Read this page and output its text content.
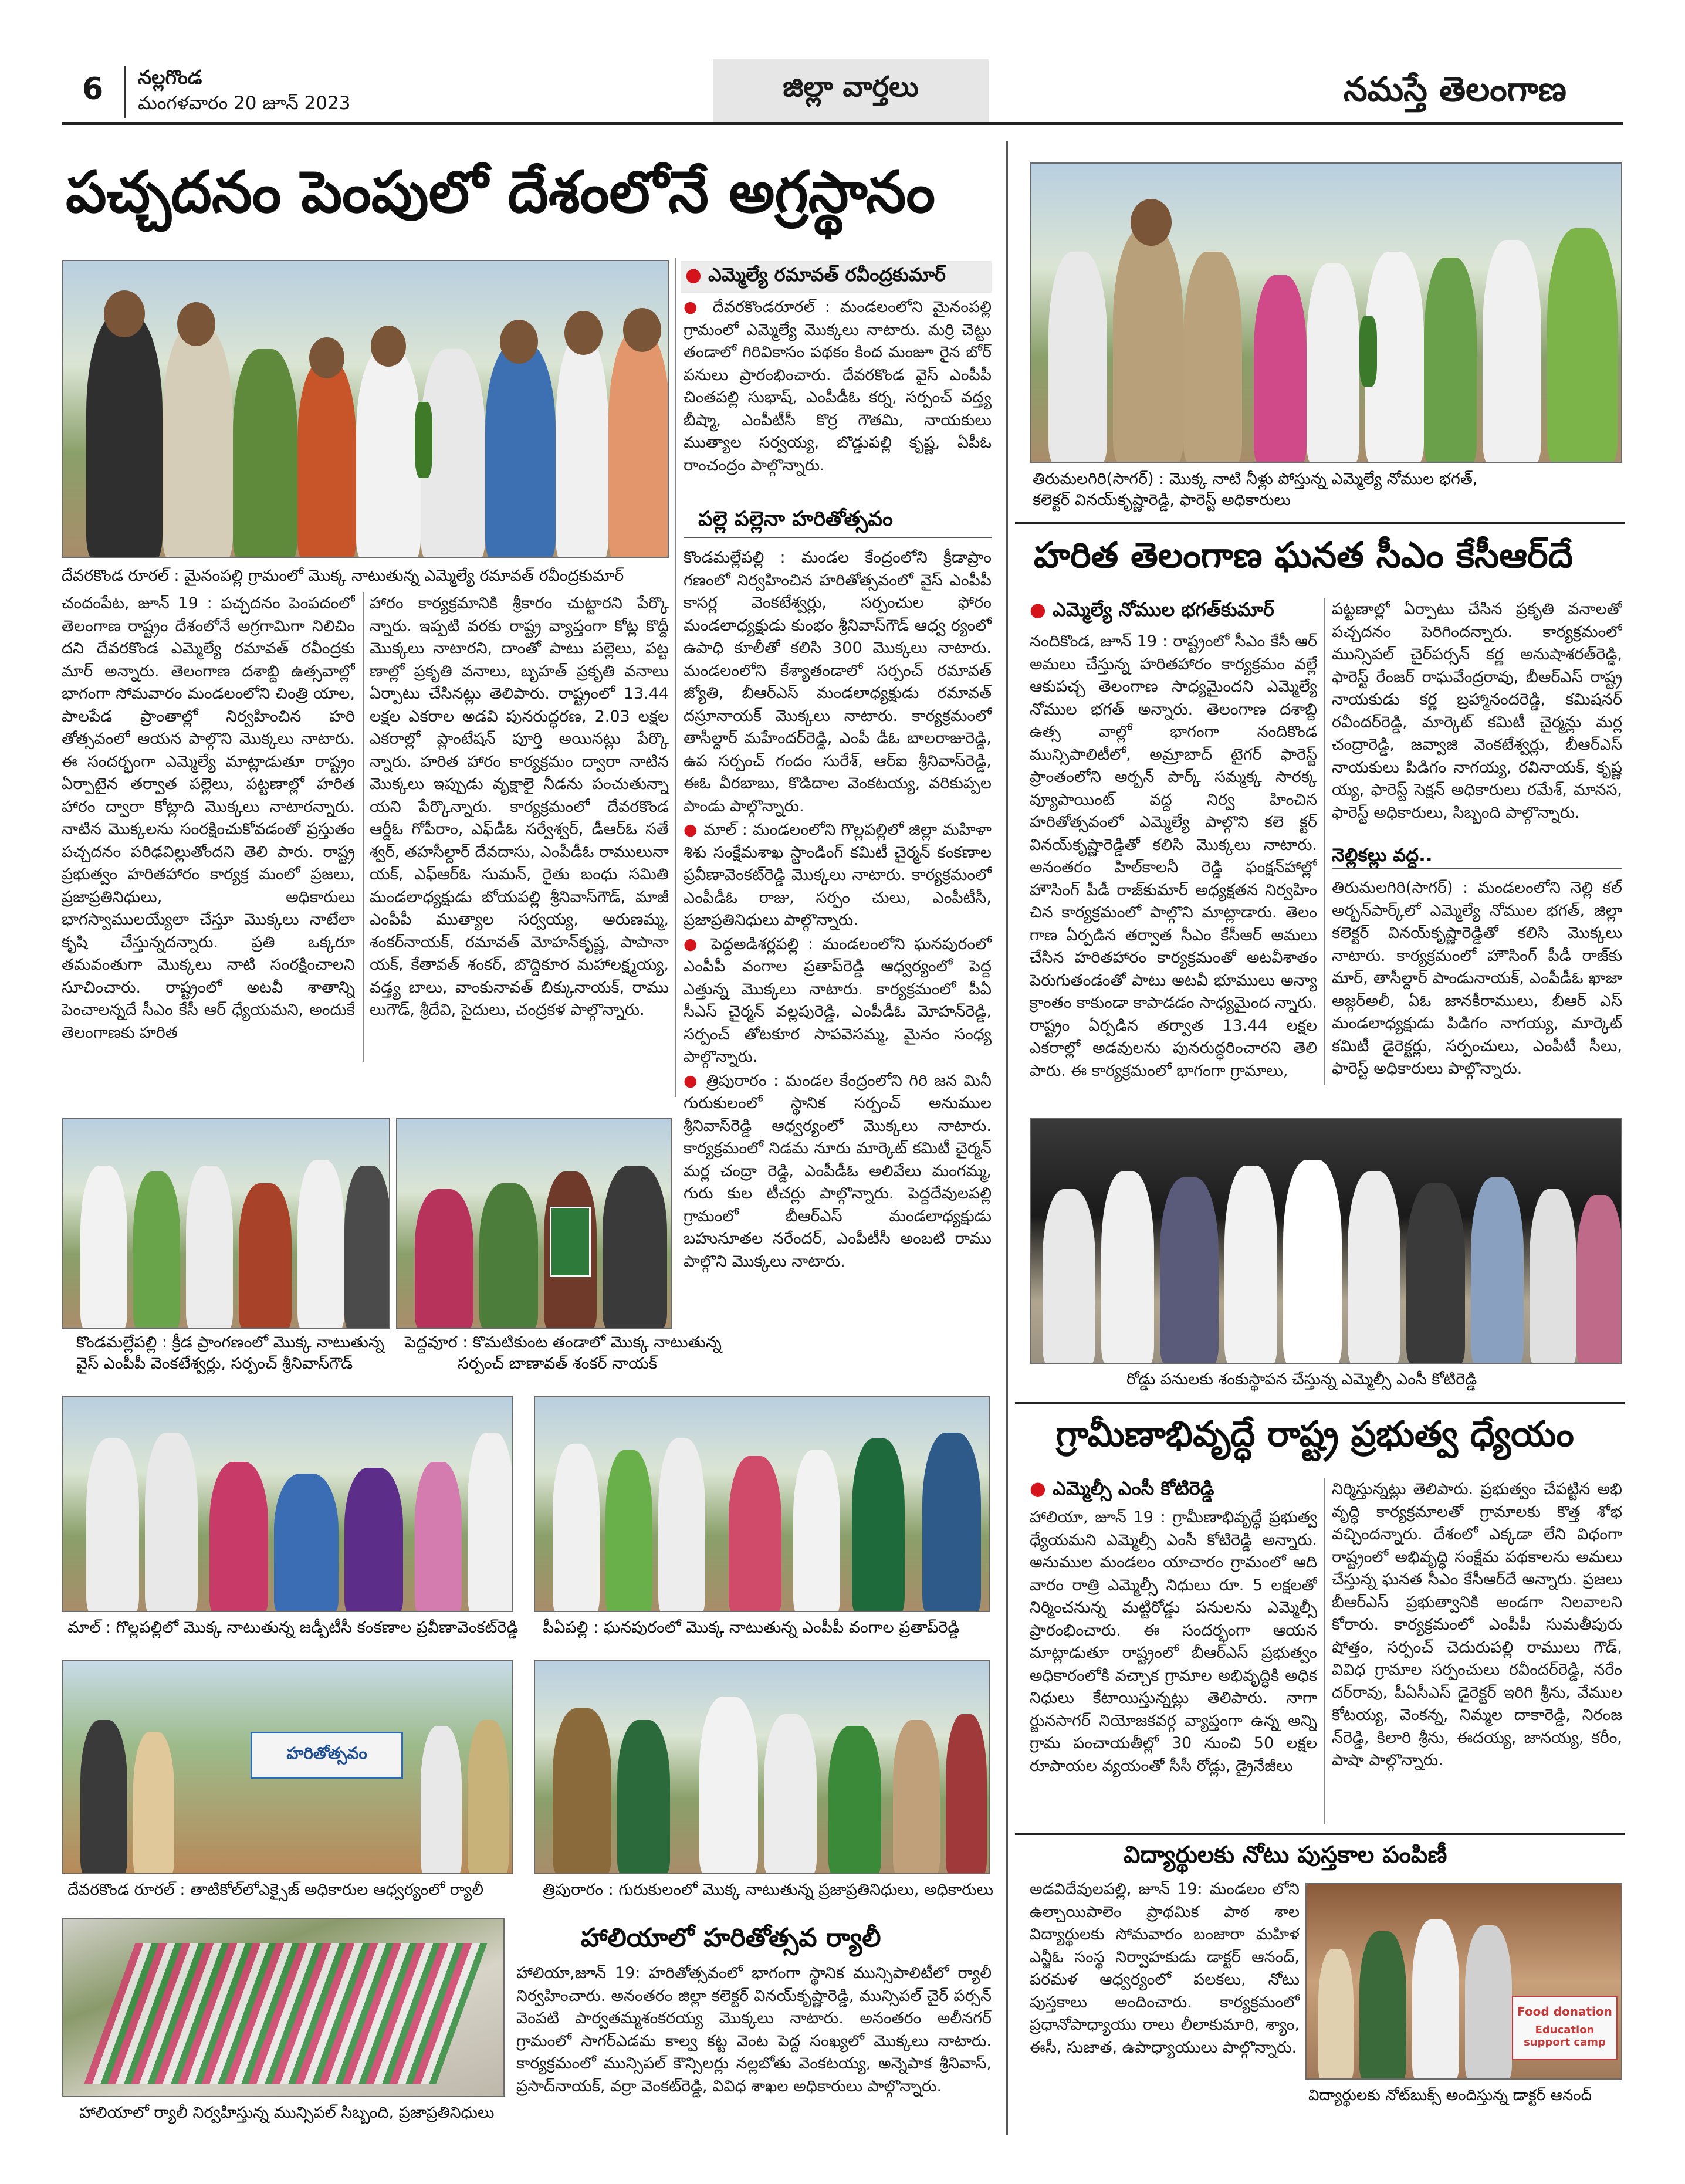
6 నల్లగొండ
మంగళవారం 20 జూన్ 2023	జిల్లా వార్తలు	నమస్తే తెలంగాణ
పచ్చదనం పెంపులో దేశంలోనే అగ్రస్థానం
దేవరకొండ రూరల్‌ : మైనంపల్లి గ్రామంలో మొక్క నాటుతున్న ఎమ్మెల్యే రమావత్‌ రవీంద్రకుమార్‌
చందంపేట, జూన్‌ 19 : పచ్చదనం పెంపదంలో తెలంగాణ రాష్ట్రం దేశంలోనే అగ్రగామిగా నిలిచిం దని దేవరకొండ ఎమ్మెల్యే రమావత్‌ రవీంద్రకు మార్‌ అన్నారు. తెలంగాణ దశాబ్ది ఉత్సవాల్లో భాగంగా సోమవారం మండలంలోని చింత్రి యాల, పాలపేడ ప్రాంతాల్లో నిర్వహించిన హరి తోత్సవంలో ఆయన పాల్గొని మొక్కలు నాటారు. ఈ సందర్భంగా ఎమ్మెల్యే మాట్లాడుతూ రాష్ట్రం ఏర్పాటైన తర్వాత పల్లెలు, పట్టణాల్లో హరిత హారం ద్వారా కోట్లాది మొక్కలు నాటారన్నారు. నాటిన మొక్కలను సంరక్షించుకోవడంతో ప్రస్తుతం పచ్చదనం పరిఢవిల్లుతోందని తెలి పారు. రాష్ట్ర ప్రభుత్వం హరితహారం కార్యక్ర మంలో ప్రజలు, ప్రజాప్రతినిధులు, అధికారులు భాగస్వాములయ్యేలా చేస్తూ మొక్కలు నాటేలా కృషి చేస్తున్నదన్నారు. ప్రతి ఒక్కరూ తమవంతుగా మొక్కలు నాటి సంరక్షించాలని సూచించారు. రాష్ట్రంలో అటవీ శాతాన్ని పెంచాలన్నదే సీఎం కేసీ ఆర్‌ ధ్యేయమని, అందుకే తెలంగాణకు హరిత
హారం కార్యక్రమానికి శ్రీకారం చుట్టారని పేర్కొ న్నారు. ఇప్పటి వరకు రాష్ట్ర వ్యాప్తంగా కోట్ల కొద్దీ మొక్కలు నాటారని, దాంతో పాటు పల్లెలు, పట్ట ణాల్లో ప్రకృతి వనాలు, బృహత్‌ ప్రకృతి వనాలు ఏర్పాటు చేసినట్లు తెలిపారు. రాష్ట్రంలో 13.44 లక్షల ఎకరాల అడవి పునరుద్ధరణ, 2.03 లక్షల ఎకరాల్లో ప్లాంటేషన్‌ పూర్తి అయినట్లు పేర్కొ న్నారు. హరిత హారం కార్యక్రమం ద్వారా నాటిన మొక్కలు ఇప్పుడు వృక్షాలై నీడను పంచుతున్నా యని పేర్కొన్నారు. కార్యక్రమంలో దేవరకొండ ఆర్డీఓ గోపీరాం, ఎఫ్‌డీఓ సర్వేశ్వర్‌, డీఆర్‌ఓ సతే శ్వర్‌, తహసీల్దార్‌ దేవదాసు, ఎంపీడీఓ రాములునా యక్‌, ఎఫ్‌ఆర్‌ఓ సుమన్‌, రైతు బంధు సమితి మండలాధ్యక్షుడు బోయపల్లి శ్రీనివాస్‌గౌడ్‌, మాజీ ఎంపీపీ ముత్యాల సర్వయ్య, అరుణమ్మ, శంకర్‌నాయక్‌, రమావత్‌ మోహన్‌కృష్ణ, పాపానా యక్‌, కేతావత్‌ శంకర్‌, బొద్దికూర మహాలక్ష్మయ్య, వడ్త్య బాలు, వాంకునావత్‌ బిక్కునాయక్‌, రాము లుగౌడ్‌, శ్రీదేవి, సైదులు, చంద్రకళ పాల్గొన్నారు.
● ఎమ్మెల్యే రమావత్‌ రవీంద్రకుమార్‌
● దేవరకొండరూరల్‌ : మండలంలోని మైనంపల్లి గ్రామంలో ఎమ్మెల్యే మొక్కలు నాటారు. మర్రి చెట్టు తండాలో గిరివికాసం పథకం కింద మంజూ రైన బోర్‌ పనులు ప్రారంభించారు. దేవరకొండ వైస్‌ ఎంపీపీ చింతపల్లి సుభాష్‌, ఎంపీడీఓ కర్న, సర్పంచ్‌ వద్త్య బీష్మా, ఎంపీటీసీ కొర్ర గౌతమి, నాయకులు ముత్యాల సర్వయ్య, బొడ్డుపల్లి కృష్ణ, ఏపీఓ రాంచంద్రం పాల్గొన్నారు.
పల్లె పల్లెనా హరితోత్సవం

కొండమల్లేపల్లి : మండల కేంద్రంలోని క్రీడాప్రాం గణంలో నిర్వహించిన హరితోత్సవంలో వైస్‌ ఎంపీపీ కాసర్ల వెంకటేశ్వర్లు, సర్పంచుల ఫోరం మండలాధ్యక్షుడు కుంభం శ్రీనివాస్‌గౌడ్‌ ఆధ్వ ర్యంలో ఉపాధి కూలీతో కలిసి 300 మొక్కలు నాటారు. మండలంలోని కేశ్యాతండాలో సర్పంచ్‌ రమావత్‌ జ్యోతి, బీఆర్‌ఎస్‌ మండలాధ్యక్షుడు రమావత్‌ దస్రూనాయక్‌ మొక్కలు నాటారు. కార్యక్రమంలో తాసీల్దార్‌ మహేందర్‌రెడ్డి, ఎంపీ డీఓ బాలరాజురెడ్డి, ఉప సర్పంచ్‌ గందం సురేశ్‌, ఆర్‌ఐ శ్రీనివాస్‌రెడ్డి, ఈఓ వీరబాబు, కొడిదాల వెంకటయ్య, వరికుప్పల పాండు పాల్గొన్నారు.

● మాల్‌ : మండలంలోని గొల్లపల్లిలో జిల్లా మహిళా శిశు సంక్షేమశాఖ స్టాండింగ్‌ కమిటీ చైర్మన్‌ కంకణాల ప్రవీణావెంకట్‌రెడ్డి మొక్కలు నాటారు. కార్యక్రమంలో ఎంపీడీఓ రాజు, సర్పం చులు, ఎంపీటీసీ, ప్రజాప్రతినిధులు పాల్గొన్నారు.

● పెద్దఅడిశర్లపల్లి : మండలంలోని ఘనపురంలో ఎంపీపీ వంగాల ప్రతాప్‌రెడ్డి ఆధ్వర్యంలో పెద్ద ఎత్తున్న మొక్కలు నాటారు. కార్యక్రమంలో పీఏ సీఎస్‌ చైర్మన్‌ వల్లపురెడ్డి, ఎంపీడీఓ మోహన్‌రెడ్డి, సర్పంచ్‌ తోటకూర సాపవెసమ్మ, మైనం సంధ్య పాల్గొన్నారు.

● త్రిపురారం : మండల కేంద్రంలోని గిరి జన మినీ గురుకులంలో స్థానిక సర్పంచ్‌ అనుముల శ్రీనివాస్‌రెడ్డి ఆధ్వర్యంలో మొక్కలు నాటారు. కార్యక్రమంలో నిడమ నూరు మార్కెట్‌ కమిటీ చైర్మన్‌ మర్ల చంద్రా రెడ్డి, ఎంపీడీఓ అలివేలు మంగమ్మ, గురు కుల టీచర్లు పాల్గొన్నారు. పెద్దదేవులపల్లి గ్రామంలో బీఆర్‌ఎస్‌ మండలాధ్యక్షుడు బహునూతల నరేందర్‌, ఎంపీటీసీ అంబటి రాము పాల్గొని మొక్కలు నాటారు.

కొండమల్లేపల్లి : క్రీడ ప్రాంగణంలో మొక్క నాటుతున్న
వైస్‌ ఎంపీపీ వెంకటేశ్వర్లు, సర్పంచ్‌ శ్రీనివాస్‌గౌడ్‌
పెద్దవూర : కొమటికుంట తండాలో మొక్క నాటుతున్న
సర్పంచ్‌ బాణావత్‌ శంకర్‌ నాయక్‌
మాల్‌ : గొల్లపల్లిలో మొక్క నాటుతున్న జడ్పీటీసీ కంకణాల ప్రవీణావెంకట్‌రెడ్డి పీఏపల్లి : ఘనపురంలో మొక్క నాటుతున్న ఎంపీపీ వంగాల ప్రతాప్‌రెడ్డి
హరితోత్సవం
దేవరకొండ రూరల్‌ : తాటికోల్‌లోఎక్సైజ్‌ అధికారుల ఆధ్వర్యంలో ర్యాలీ	త్రిపురారం : గురుకులంలో మొక్క నాటుతున్న ప్రజాప్రతినిధులు, అధికారులు
హాలియాలో ర్యాలీ నిర్వహిస్తున్న మున్సిపల్‌ సిబ్బంది, ప్రజాప్రతినిధులు
హాలియాలో హరితోత్సవ ర్యాలీ
హాలియా,జూన్‌ 19: హరితోత్సవంలో భాగంగా స్థానిక మున్సిపాలిటీలో ర్యాలీ నిర్వహించారు. అనంతరం జిల్లా కలెక్టర్‌ వినయ్‌కృష్ణారెడ్డి, మున్సిపల్‌ చైర్‌ పర్సన్‌ వెంపటి పార్వతమ్మశంకరయ్య మొక్కలు నాటారు. అనంతరం అలీనగర్‌ గ్రామంలో సాగర్‌ఎడమ కాల్వ కట్ట వెంట పెద్ద సంఖ్యలో మొక్కలు నాటారు. కార్యక్రమంలో మున్సిపల్‌ కౌన్సిలర్లు నల్లబోతు వెంకటయ్య, అన్నెపాక శ్రీనివాస్‌, ప్రసాద్‌నాయక్‌, వర్రా వెంకట్‌రెడ్డి, వివిధ శాఖల అధికారులు పాల్గొన్నారు.
తిరుమలగిరి(సాగర్‌) : మొక్క నాటి నీళ్లు పోస్తున్న ఎమ్మెల్యే నోముల భగత్‌,
కలెక్టర్‌ వినయ్‌కృష్ణారెడ్డి, ఫారెస్ట్‌ అధికారులు
హరిత తెలంగాణ ఘనత సీఎం కేసీఆర్‌దే
● ఎమ్మెల్యే నోముల భగత్‌కుమార్‌
నందికొండ, జూన్‌ 19 : రాష్ట్రంలో సీఎం కేసీ ఆర్‌ అమలు చేస్తున్న హరితహారం కార్యక్రమం వల్లే ఆకుపచ్చ తెలంగాణ సాధ్యమైందని ఎమ్మెల్యే నోముల భగత్‌ అన్నారు. తెలంగాణ దశాబ్ది ఉత్స వాల్లో భాగంగా నందికొండ మున్సిపాలిటీలో, అమ్రాబాద్‌ టైగర్‌ ఫారెస్ట్‌ ప్రాంతంలోని అర్బన్‌ పార్క్‌ సమ్మక్క సారక్క వ్యూపాయింట్‌ వద్ద నిర్వ హించిన హరితోత్సవంలో ఎమ్మెల్యే పాల్గొని కలె క్టర్‌ వినయ్‌కృష్ణారెడ్డితో కలిసి మొక్కలు నాటారు. అనంతరం హిల్‌కాలనీ రెడ్డి ఫంక్షన్‌హాల్లో హౌసింగ్‌ పీడీ రాజ్‌కుమార్‌ అధ్యక్షతన నిర్వహిం చిన కార్యక్రమంలో పాల్గొని మాట్లాడారు. తెలం గాణ ఏర్పడిన తర్వాత సీఎం కేసీఆర్‌ అమలు చేసిన హరితహారం కార్యక్రమంతో అటవీశాతం పెరుగుతండంతో పాటు అటవీ భూములు అన్యా క్రాంతం కాకుండా కాపాడడం సాధ్యమైంద న్నారు. రాష్ట్రం ఏర్పడిన తర్వాత 13.44 లక్షల ఎకరాల్లో అడవులను పునరుద్ధరించారని తెలి పారు. ఈ కార్యక్రమంలో భాగంగా గ్రామాలు,
పట్టణాల్లో ఏర్పాటు చేసిన ప్రకృతి వనాలతో పచ్చదనం పెరిగిందన్నారు. కార్యక్రమంలో మున్సిపల్‌ చైర్‌పర్సన్‌ కర్ణ అనుషాశరత్‌రెడ్డి, ఫారెస్ట్‌ రేంజర్‌ రాఘవేంద్రరావు, బీఆర్‌ఎస్‌ రాష్ట్ర నాయకుడు కర్ణ బ్రహ్మానందరెడ్డి, కమిషనర్‌ రవీందర్‌రెడ్డి, మార్కెట్‌ కమిటీ చైర్మన్లు మర్ల చంద్రారెడ్డి, జవ్వాజి వెంకటేశ్వర్లు, బీఆర్‌ఎస్‌ నాయకులు పిడిగం నాగయ్య, రవినాయక్‌, కృష్ణ య్య, ఫారెస్ట్‌ సెక్షన్‌ అధికారులు రమేశ్‌, మానస, ఫారెస్ట్‌ అధికారులు, సిబ్బంది పాల్గొన్నారు.
నెల్లికల్లు వద్ద..
తిరుమలగిరి(సాగర్‌) : మండలంలోని నెల్లి కల్‌ అర్బన్‌పార్క్‌లో ఎమ్మెల్యే నోముల భగత్‌, జిల్లా కలెక్టర్‌ వినయ్‌కృష్ణారెడ్డితో కలిసి మొక్కలు నాటారు. కార్యక్రమంలో హౌసింగ్‌ పీడీ రాజ్‌కు మార్‌, తాసీల్దార్‌ పాండునాయక్‌, ఎంపీడీఓ ఖాజా అజ్గర్‌అలీ, ఏఓ జానకీరాములు, బీఆర్‌ ఎస్‌ మండలాధ్యక్షుడు పిడిగం నాగయ్య, మార్కెట్‌ కమిటీ డైరెక్టర్లు, సర్పంచులు, ఎంపీటీ సీలు, ఫారెస్ట్‌ అధికారులు పాల్గొన్నారు.
రోడ్డు పనులకు శంకుస్థాపన చేస్తున్న ఎమ్మెల్సీ ఎంసీ కోటిరెడ్డి
గ్రామీణాభివృద్ధే రాష్ట్ర ప్రభుత్వ ధ్యేయం
● ఎమ్మెల్సీ ఎంసీ కోటిరెడ్డి
హాలియా, జూన్‌ 19 : గ్రామీణాభివృద్ధే ప్రభుత్వ ధ్యేయమని ఎమ్మెల్సీ ఎంసీ కోటిరెడ్డి అన్నారు. అనుముల మండలం యాచారం గ్రామంలో ఆది వారం రాత్రి ఎమ్మెల్సీ నిధులు రూ. 5 లక్షలతో నిర్మించనున్న మట్టిరోడ్డు పనులను ఎమ్మెల్సీ ప్రారంభించారు. ఈ సందర్భంగా ఆయన మాట్లాడుతూ రాష్ట్రంలో బీఆర్‌ఎస్‌ ప్రభుత్వం అధికారంలోకి వచ్చాక గ్రామాల అభివృద్ధికి అధిక నిధులు కేటాయిస్తున్నట్లు తెలిపారు. నాగా ర్జునసాగర్‌ నియోజకవర్గ వ్యాప్తంగా ఉన్న అన్ని గ్రామ పంచాయతీల్లో 30 నుంచి 50 లక్షల రూపాయల వ్యయంతో సీసీ రోడ్లు, డ్రైనేజీలు
నిర్మిస్తున్నట్లు తెలిపారు. ప్రభుత్వం చేపట్టిన అభి వృద్ధి కార్యక్రమాలతో గ్రామాలకు కొత్త శోభ వచ్చిందన్నారు. దేశంలో ఎక్కడా లేని విధంగా రాష్ట్రంలో అభివృద్ధి సంక్షేమ పథకాలను అమలు చేస్తున్న ఘనత సీఎం కేసీఆర్‌దే అన్నారు. ప్రజలు బీఆర్‌ఎస్‌ ప్రభుత్వానికి అండగా నిలవాలని కోరారు. కార్యక్రమంలో ఎంపీపీ సుమతీపురు షోత్తం, సర్పంచ్‌ చెదురుపల్లి రాములు గౌడ్‌, వివిధ గ్రామాల సర్పంచులు రవీందర్‌రెడ్డి, నరేం దర్‌రావు, పీఏసీఎస్‌ డైరెక్టర్‌ ఇరిగి శ్రీను, వేముల కోటయ్య, వెంకన్న, నిమ్మల దాకారెడ్డి, నిరంజ న్‌రెడ్డి, కిలారి శ్రీను, ఈదయ్య, జానయ్య, కరీం, పాషా పాల్గొన్నారు.
విద్యార్థులకు నోటు పుస్తకాల పంపిణీ
అడవిదేవులపల్లి, జూన్‌ 19: మండలం లోని ఉల్చాయిపాలెం ప్రాథమిక పాఠ శాల విద్యార్థులకు సోమవారం బంజారా మహిళ ఎన్జీఓ సంస్థ నిర్వాహకుడు డాక్టర్‌ ఆనంద్‌, పరమళ ఆధ్వర్యంలో పలకలు, నోటు పుస్తకాలు అందించారు. కార్యక్రమంలో ప్రధానోపాధ్యాయు రాలు లీలాకుమారి, శ్యాం, ఈసీ, సుజాత, ఉపాధ్యాయులు పాల్గొన్నారు.
Food donation
Education support camp
విద్యార్థులకు నోట్‌బుక్స్‌ అందిస్తున్న డాక్టర్‌ ఆనంద్‌
